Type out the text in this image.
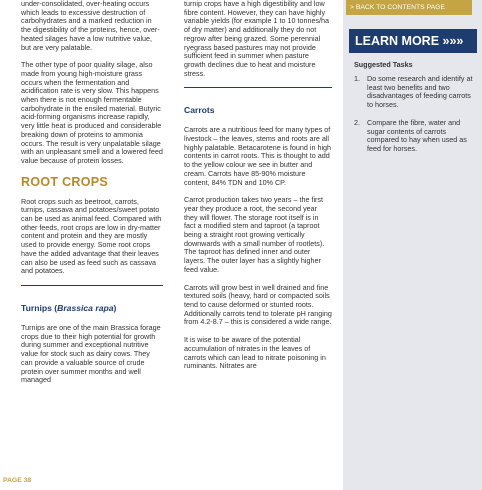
under-consolidated, over-heating occurs which leads to excessive destruction of carbohydrates and a marked reduction in the digestibility of the proteins, hence, over-heated silages have a low nutritive value, but are very palatable.

The other type of poor quality silage, also made from young high-moisture grass occurs when the fermentation and acidification rate is very slow. This happens when there is not enough fermentable carbohydrate in the ensiled material. Butyric acid-forming organisms increase rapidly, very little heat is produced and considerable breaking down of proteins to ammonia occurs. The result is very unpalatable silage with an unpleasant smell and a lowered feed value because of protein losses.

ROOT CROPS

Root crops such as beetroot, carrots, turnips, cassava and potatoes/sweet potato can be used as animal feed. Compared with other feeds, root crops are low in dry-matter content and protein and they are mostly used to provide energy. Some root crops have the added advantage that their leaves can also be used as feed such as cassava and potatoes.

Turnips (Brassica rapa)

Turnips are one of the main Brassica forage crops due to their high potential for growth during summer and exceptional nutritive value for stock such as dairy cows. They can provide a valuable source of crude protein over summer months and well managed

turnip crops have a high digestibility and low fibre content. However, they can have highly variable yields (for example 1 to 10 tonnes/ha of dry matter) and additionally they do not regrow after being grazed. Some perennial ryegrass based pastures may not provide sufficient feed in summer when pasture growth declines due to heat and moisture stress.

Carrots

Carrots are a nutritious feed for many types of livestock – the leaves, stems and roots are all highly palatable. Betacarotene is found in high contents in carrot roots. This is thought to add to the yellow colour we see in butter and cream. Carrots have 85-90% moisture content, 84% TDN and 10% CP.

Carrot production takes two years – the first year they produce a root, the second year they will flower. The storage root itself is in fact a modified stem and taproot (a taproot being a straight root growing vertically downwards with a small number of rootlets). The taproot has defined inner and outer layers. The outer layer has a slightly higher feed value.

Carrots will grow best in well drained and fine textured soils (heavy, hard or compacted soils tend to cause deformed or stunted roots. Additionally carrots tend to tolerate pH ranging from 4.2-8.7 – this is considered a wide range.

It is wise to be aware of the potential accumulation of nitrates in the leaves of carrots which can lead to nitrate poisoning in ruminants. Nitrates are

> BACK TO CONTENTS PAGE
LEARN MORE »»»
Suggested Tasks
1. Do some research and identify at least two benefits and two disadvantages of feeding carrots to horses.
2. Compare the fibre, water and sugar contents of carrots compared to hay when used as feed for horses.
PAGE 38
